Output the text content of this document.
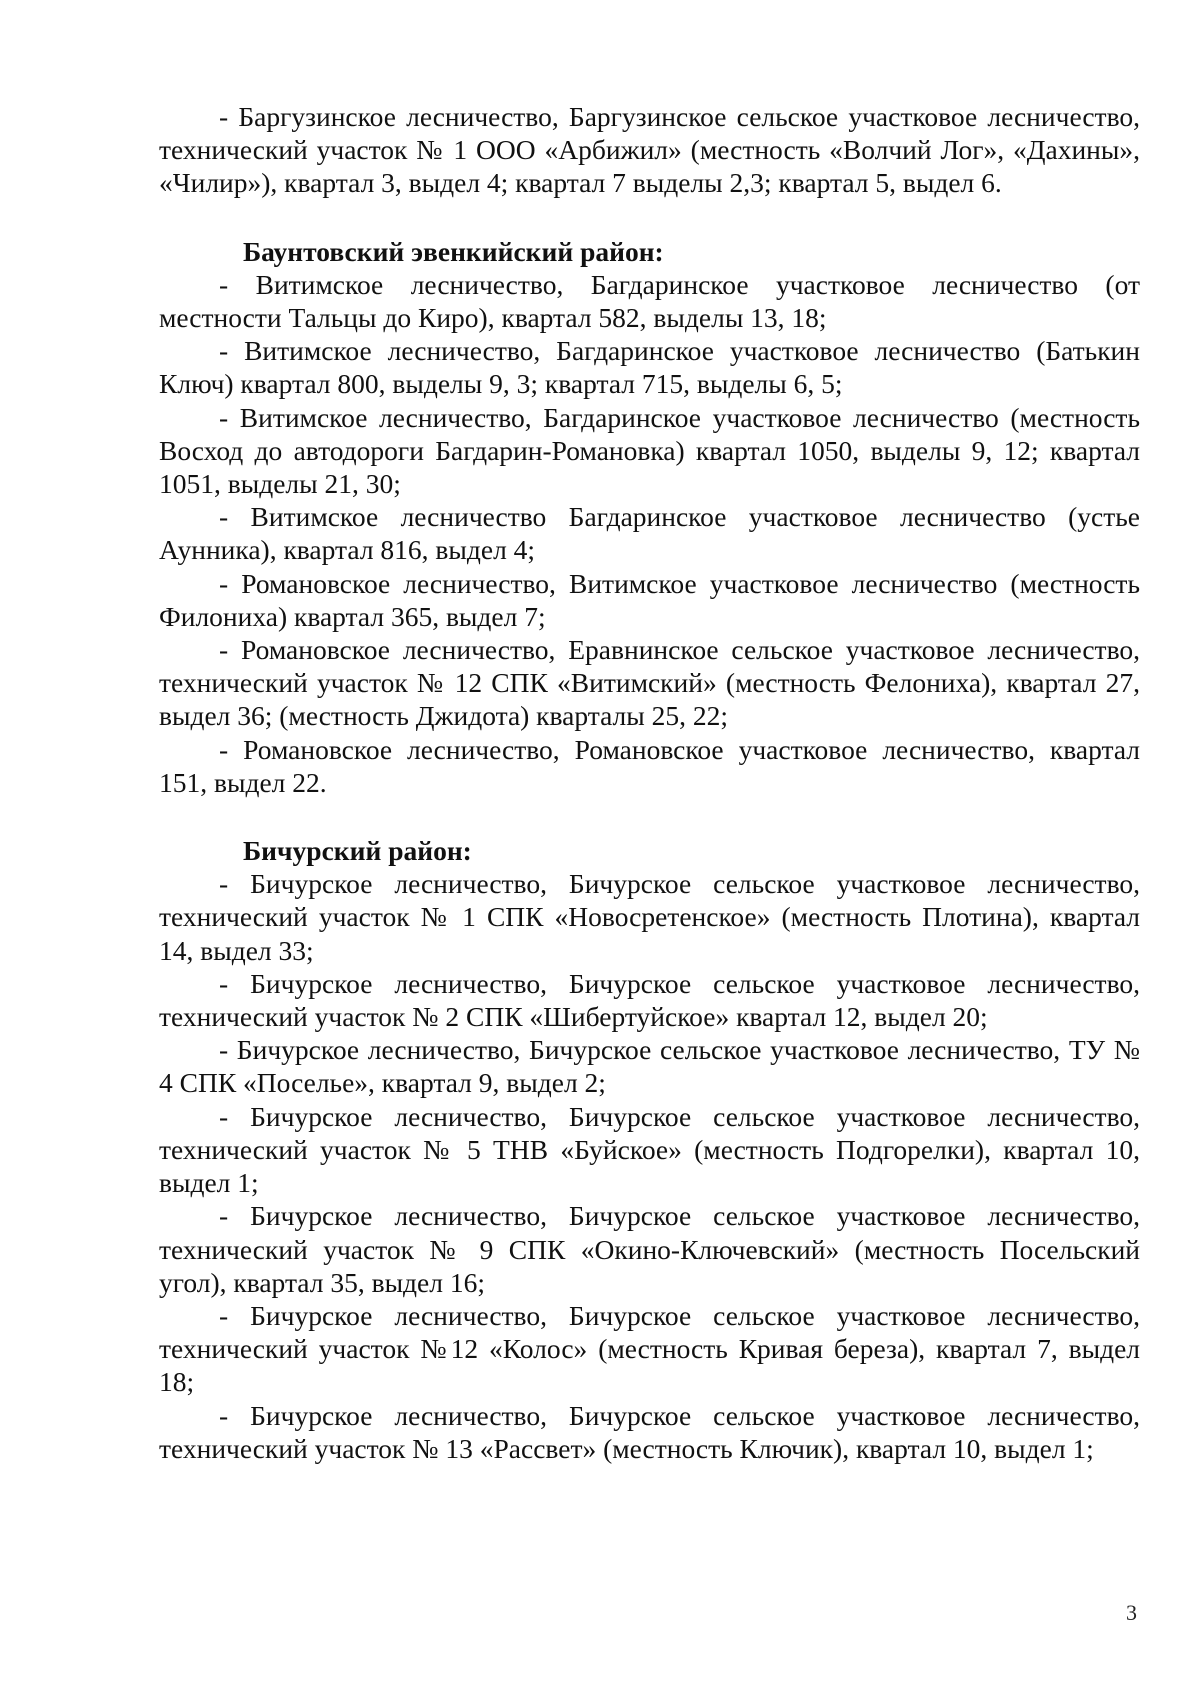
- Баргузинское лесничество, Баргузинское сельское участковое лесничество, технический участок № 1 ООО «Арбижил» (местность «Волчий Лог», «Дахины», «Чилир»), квартал 3, выдел 4; квартал 7 выделы 2,3; квартал 5, выдел 6.

Баунтовский эвенкийский район:

- Витимское лесничество, Багдаринское участковое лесничество (от местности Тальцы до Киро), квартал 582, выделы 13, 18;

- Витимское лесничество, Багдаринское участковое лесничество (Батькин Ключ) квартал 800, выделы 9, 3; квартал 715, выделы 6, 5;

- Витимское лесничество, Багдаринское участковое лесничество (местность Восход до автодороги Багдарин-Романовка) квартал 1050, выделы 9, 12; квартал 1051, выделы 21, 30;

- Витимское лесничество Багдаринское участковое лесничество (устье Аунника), квартал 816, выдел 4;

- Романовское лесничество, Витимское участковое лесничество (местность Филониха) квартал 365, выдел 7;

- Романовское лесничество, Еравнинское сельское участковое лесничество, технический участок № 12 СПК «Витимский» (местность Фелониха), квартал 27, выдел 36; (местность Джидота) кварталы 25, 22;

- Романовское лесничество, Романовское участковое лесничество, квартал 151, выдел 22.

Бичурский район:

- Бичурское лесничество, Бичурское сельское участковое лесничество, технический участок № 1 СПК «Новосретенское» (местность Плотина), квартал 14, выдел 33;

- Бичурское лесничество, Бичурское сельское участковое лесничество, технический участок № 2 СПК «Шибертуйское» квартал 12, выдел 20;

- Бичурское лесничество, Бичурское сельское участковое лесничество, ТУ № 4 СПК «Поселье», квартал 9, выдел 2;

- Бичурское лесничество, Бичурское сельское участковое лесничество, технический участок № 5 ТНВ «Буйское» (местность Подгорелки), квартал 10, выдел 1;

- Бичурское лесничество, Бичурское сельское участковое лесничество, технический участок № 9 СПК «Окино-Ключевский» (местность Посельский угол), квартал 35, выдел 16;

- Бичурское лесничество, Бичурское сельское участковое лесничество, технический участок №12 «Колос» (местность Кривая береза), квартал 7, выдел 18;

- Бичурское лесничество, Бичурское сельское участковое лесничество, технический участок № 13 «Рассвет» (местность Ключик), квартал 10, выдел 1;

3
